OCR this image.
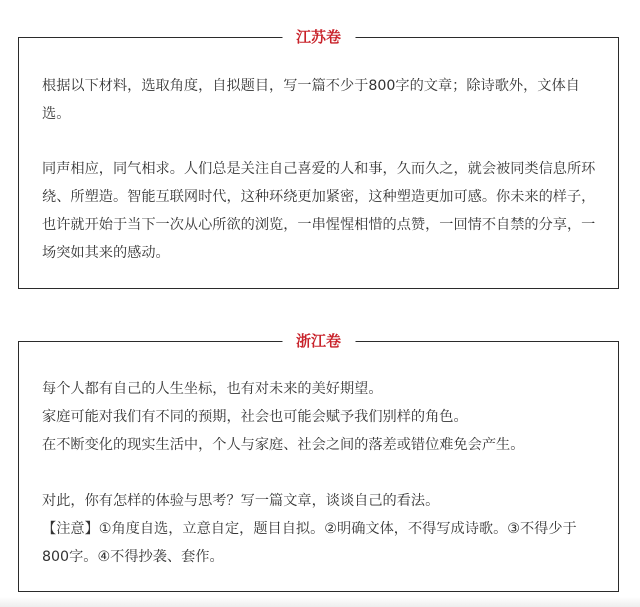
江苏卷

根据以下材料，选取角度，自拟题目，写一篇不少于800字的文章；除诗歌外，文体自选。

同声相应，同气相求。人们总是关注自己喜爱的人和事，久而久之，就会被同类信息所环绕、所塑造。智能互联网时代，这种环绕更加紧密，这种塑造更加可感。你未来的样子，也许就开始于当下一次从心所欲的浏览，一串惺惺相惜的点赞，一回情不自禁的分享，一场突如其来的感动。

浙江卷

每个人都有自己的人生坐标，也有对未来的美好期望。

家庭可能对我们有不同的预期，社会也可能会赋予我们别样的角色。

在不断变化的现实生活中，个人与家庭、社会之间的落差或错位难免会产生。

对此，你有怎样的体验与思考？写一篇文章，谈谈自己的看法。

【注意】①角度自选，立意自定，题目自拟。②明确文体，不得写成诗歌。③不得少于800字。④不得抄袭、套作。
